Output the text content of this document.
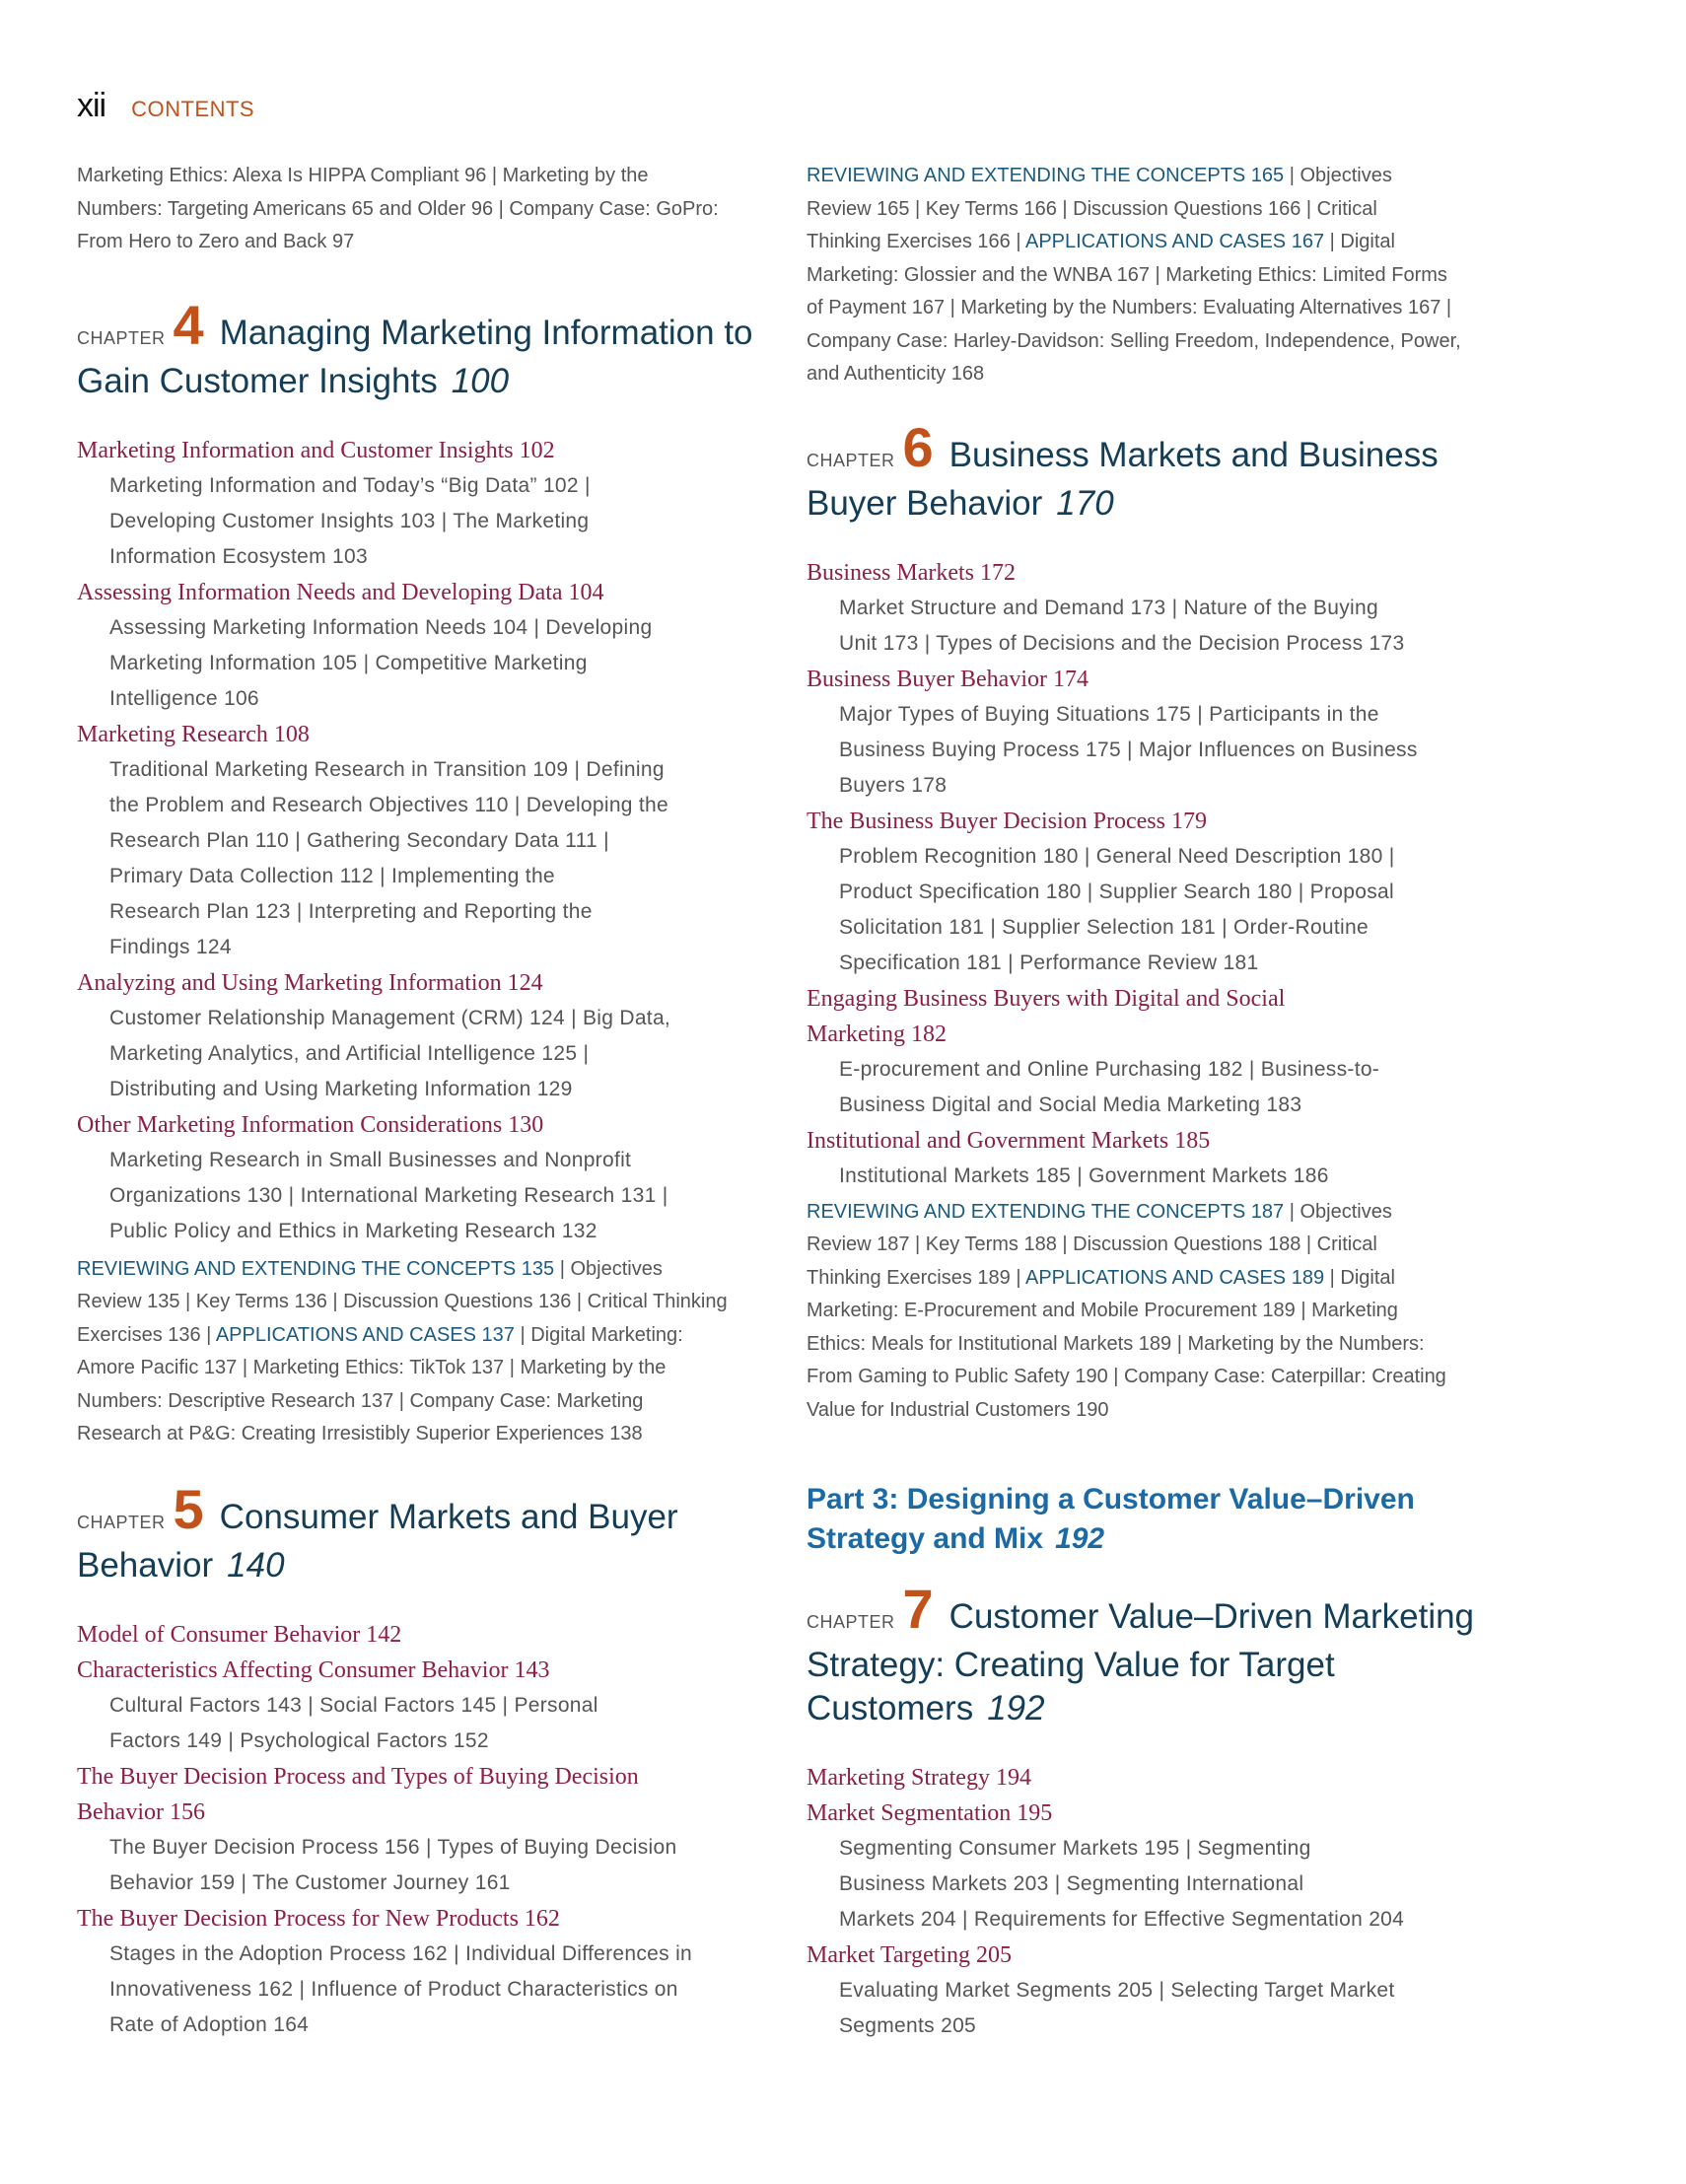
xii CONTENTS
Marketing Ethics: Alexa Is HIPPA Compliant 96 | Marketing by the
Numbers: Targeting Americans 65 and Older 96 | Company Case: GoPro:
From Hero to Zero and Back 97
CHAPTER 4 Managing Marketing Information to
Gain Customer Insights 100
Marketing Information and Customer Insights 102
Marketing Information and Today’s “Big Data” 102 |
Developing Customer Insights 103 | The Marketing
Information Ecosystem 103
Assessing Information Needs and Developing Data 104
Assessing Marketing Information Needs 104 | Developing
Marketing Information 105 | Competitive Marketing
Intelligence 106
Marketing Research 108
Traditional Marketing Research in Transition 109 | Defining
the Problem and Research Objectives 110 | Developing the
Research Plan 110 | Gathering Secondary Data 111 |
Primary Data Collection 112 | Implementing the
Research Plan 123 | Interpreting and Reporting the
Findings 124
Analyzing and Using Marketing Information 124
Customer Relationship Management (CRM) 124 | Big Data,
Marketing Analytics, and Artificial Intelligence 125 |
Distributing and Using Marketing Information 129
Other Marketing Information Considerations 130
Marketing Research in Small Businesses and Nonprofit
Organizations 130 | International Marketing Research 131 |
Public Policy and Ethics in Marketing Research 132
REVIEWING AND EXTENDING THE CONCEPTS 135 | Objectives
Review 135 | Key Terms 136 | Discussion Questions 136 | Critical Thinking
Exercises 136 | APPLICATIONS AND CASES 137 | Digital Marketing:
Amore Pacific 137 | Marketing Ethics: TikTok 137 | Marketing by the
Numbers: Descriptive Research 137 | Company Case: Marketing
Research at P&G: Creating Irresistibly Superior Experiences 138
CHAPTER 5 Consumer Markets and Buyer
Behavior 140
Model of Consumer Behavior 142
Characteristics Affecting Consumer Behavior 143
Cultural Factors 143 | Social Factors 145 | Personal
Factors 149 | Psychological Factors 152
The Buyer Decision Process and Types of Buying Decision
Behavior 156
The Buyer Decision Process 156 | Types of Buying Decision
Behavior 159 | The Customer Journey 161
The Buyer Decision Process for New Products 162
Stages in the Adoption Process 162 | Individual Differences in
Innovativeness 162 | Influence of Product Characteristics on
Rate of Adoption 164
REVIEWING AND EXTENDING THE CONCEPTS 165 | Objectives
Review 165 | Key Terms 166 | Discussion Questions 166 | Critical
Thinking Exercises 166 | APPLICATIONS AND CASES 167 | Digital
Marketing: Glossier and the WNBA 167 | Marketing Ethics: Limited Forms
of Payment 167 | Marketing by the Numbers: Evaluating Alternatives 167 |
Company Case: Harley-Davidson: Selling Freedom, Independence, Power,
and Authenticity 168
CHAPTER 6 Business Markets and Business
Buyer Behavior 170
Business Markets 172
Market Structure and Demand 173 | Nature of the Buying
Unit 173 | Types of Decisions and the Decision Process 173
Business Buyer Behavior 174
Major Types of Buying Situations 175 | Participants in the
Business Buying Process 175 | Major Influences on Business
Buyers 178
The Business Buyer Decision Process 179
Problem Recognition 180 | General Need Description 180 |
Product Specification 180 | Supplier Search 180 | Proposal
Solicitation 181 | Supplier Selection 181 | Order-Routine
Specification 181 | Performance Review 181
Engaging Business Buyers with Digital and Social
Marketing 182
E-procurement and Online Purchasing 182 | Business-to-
Business Digital and Social Media Marketing 183
Institutional and Government Markets 185
Institutional Markets 185 | Government Markets 186
REVIEWING AND EXTENDING THE CONCEPTS 187 | Objectives
Review 187 | Key Terms 188 | Discussion Questions 188 | Critical
Thinking Exercises 189 | APPLICATIONS AND CASES 189 | Digital
Marketing: E-Procurement and Mobile Procurement 189 | Marketing
Ethics: Meals for Institutional Markets 189 | Marketing by the Numbers:
From Gaming to Public Safety 190 | Company Case: Caterpillar: Creating
Value for Industrial Customers 190
Part 3: Designing a Customer Value–Driven
Strategy and Mix 192
CHAPTER 7 Customer Value–Driven Marketing
Strategy: Creating Value for Target
Customers 192
Marketing Strategy 194
Market Segmentation 195
Segmenting Consumer Markets 195 | Segmenting
Business Markets 203 | Segmenting International
Markets 204 | Requirements for Effective Segmentation 204
Market Targeting 205
Evaluating Market Segments 205 | Selecting Target Market
Segments 205
